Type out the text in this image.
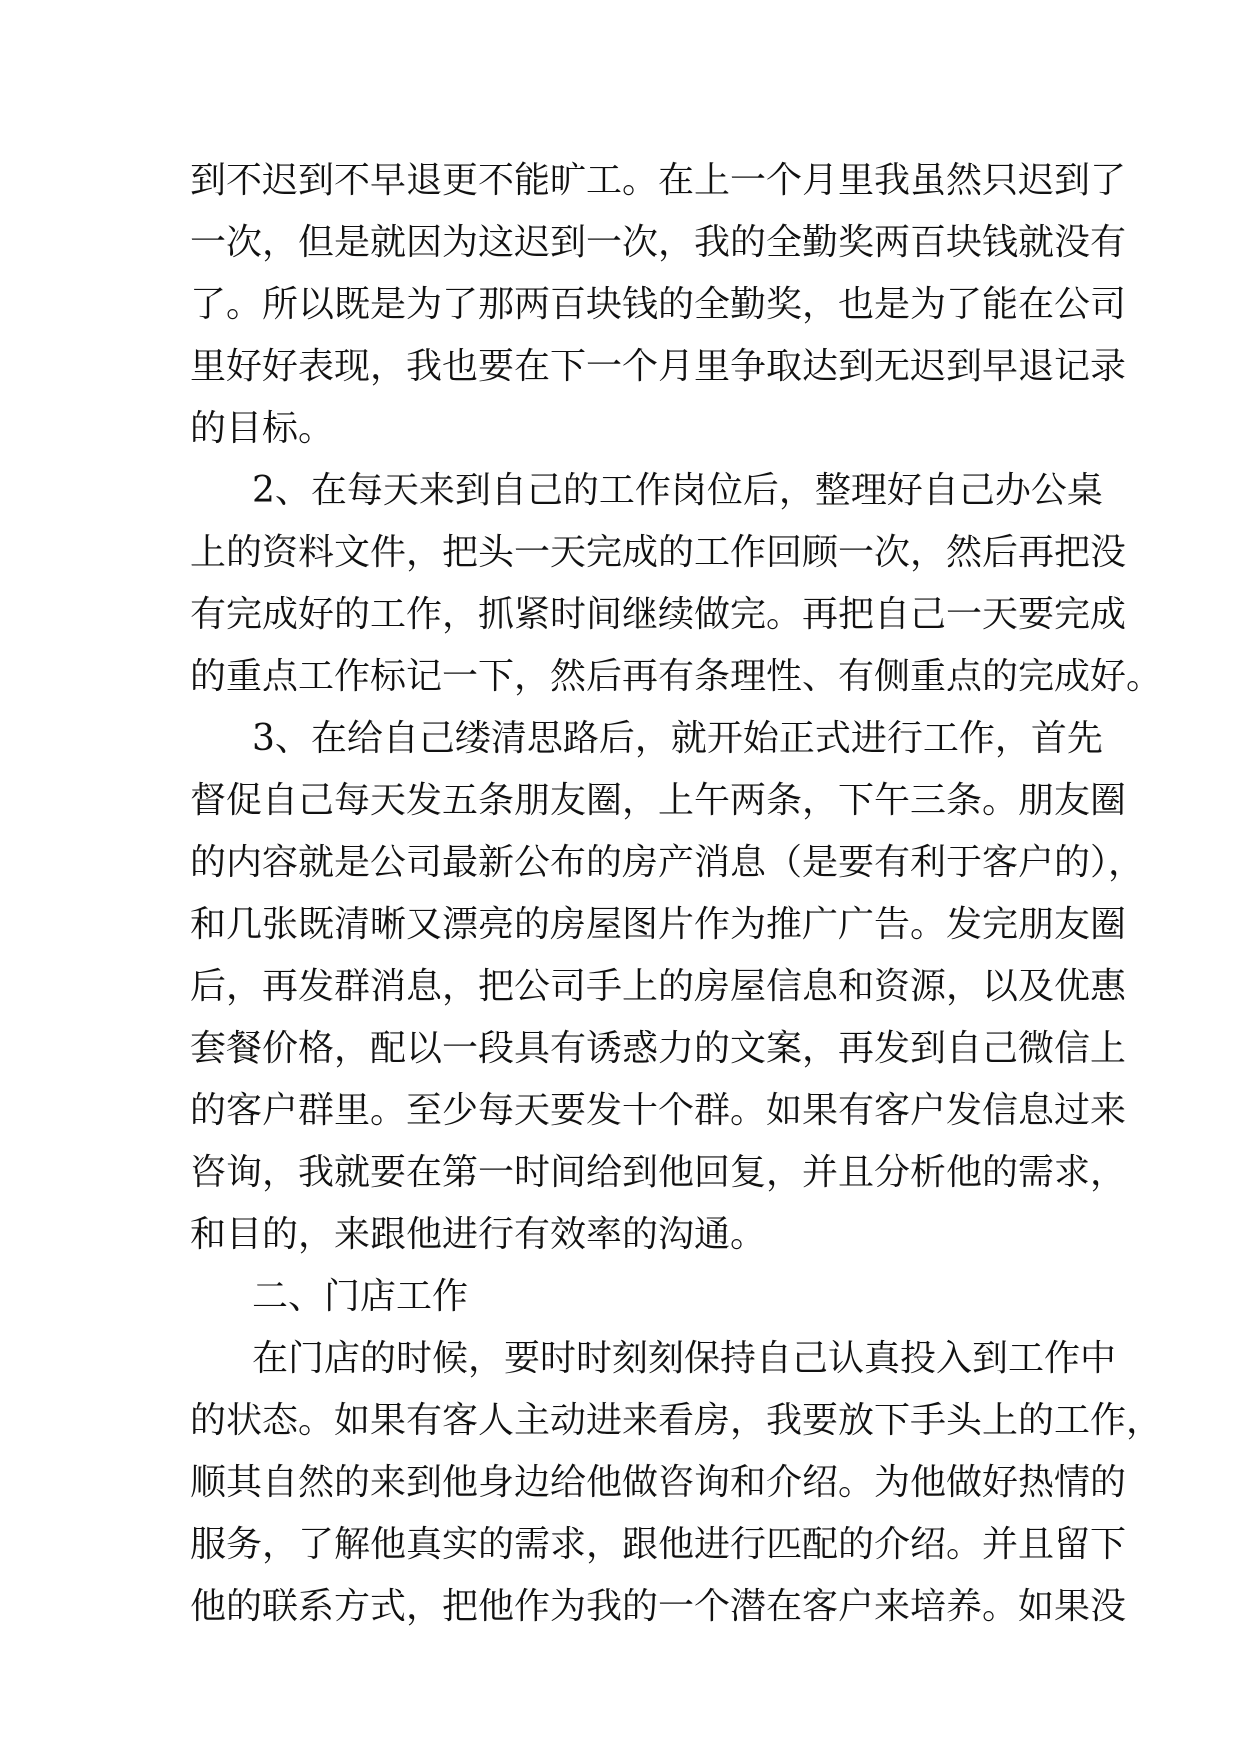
到不迟到不早退更不能旷工。在上一个月里我虽然只迟到了
一次，但是就因为这迟到一次，我的全勤奖两百块钱就没有
了。所以既是为了那两百块钱的全勤奖，也是为了能在公司
里好好表现，我也要在下一个月里争取达到无迟到早退记录
的目标。
2、在每天来到自己的工作岗位后，整理好自己办公桌
上的资料文件，把头一天完成的工作回顾一次，然后再把没
有完成好的工作，抓紧时间继续做完。再把自己一天要完成
的重点工作标记一下，然后再有条理性、有侧重点的完成好。
3、在给自己缕清思路后，就开始正式进行工作，首先
督促自己每天发五条朋友圈，上午两条，下午三条。朋友圈
的内容就是公司最新公布的房产消息（是要有利于客户的），
和几张既清晰又漂亮的房屋图片作为推广广告。发完朋友圈
后，再发群消息，把公司手上的房屋信息和资源，以及优惠
套餐价格，配以一段具有诱惑力的文案，再发到自己微信上
的客户群里。至少每天要发十个群。如果有客户发信息过来
咨询，我就要在第一时间给到他回复，并且分析他的需求，
和目的，来跟他进行有效率的沟通。
二、门店工作
在门店的时候，要时时刻刻保持自己认真投入到工作中
的状态。如果有客人主动进来看房，我要放下手头上的工作，
顺其自然的来到他身边给他做咨询和介绍。为他做好热情的
服务，了解他真实的需求，跟他进行匹配的介绍。并且留下
他的联系方式，把他作为我的一个潜在客户来培养。如果没
